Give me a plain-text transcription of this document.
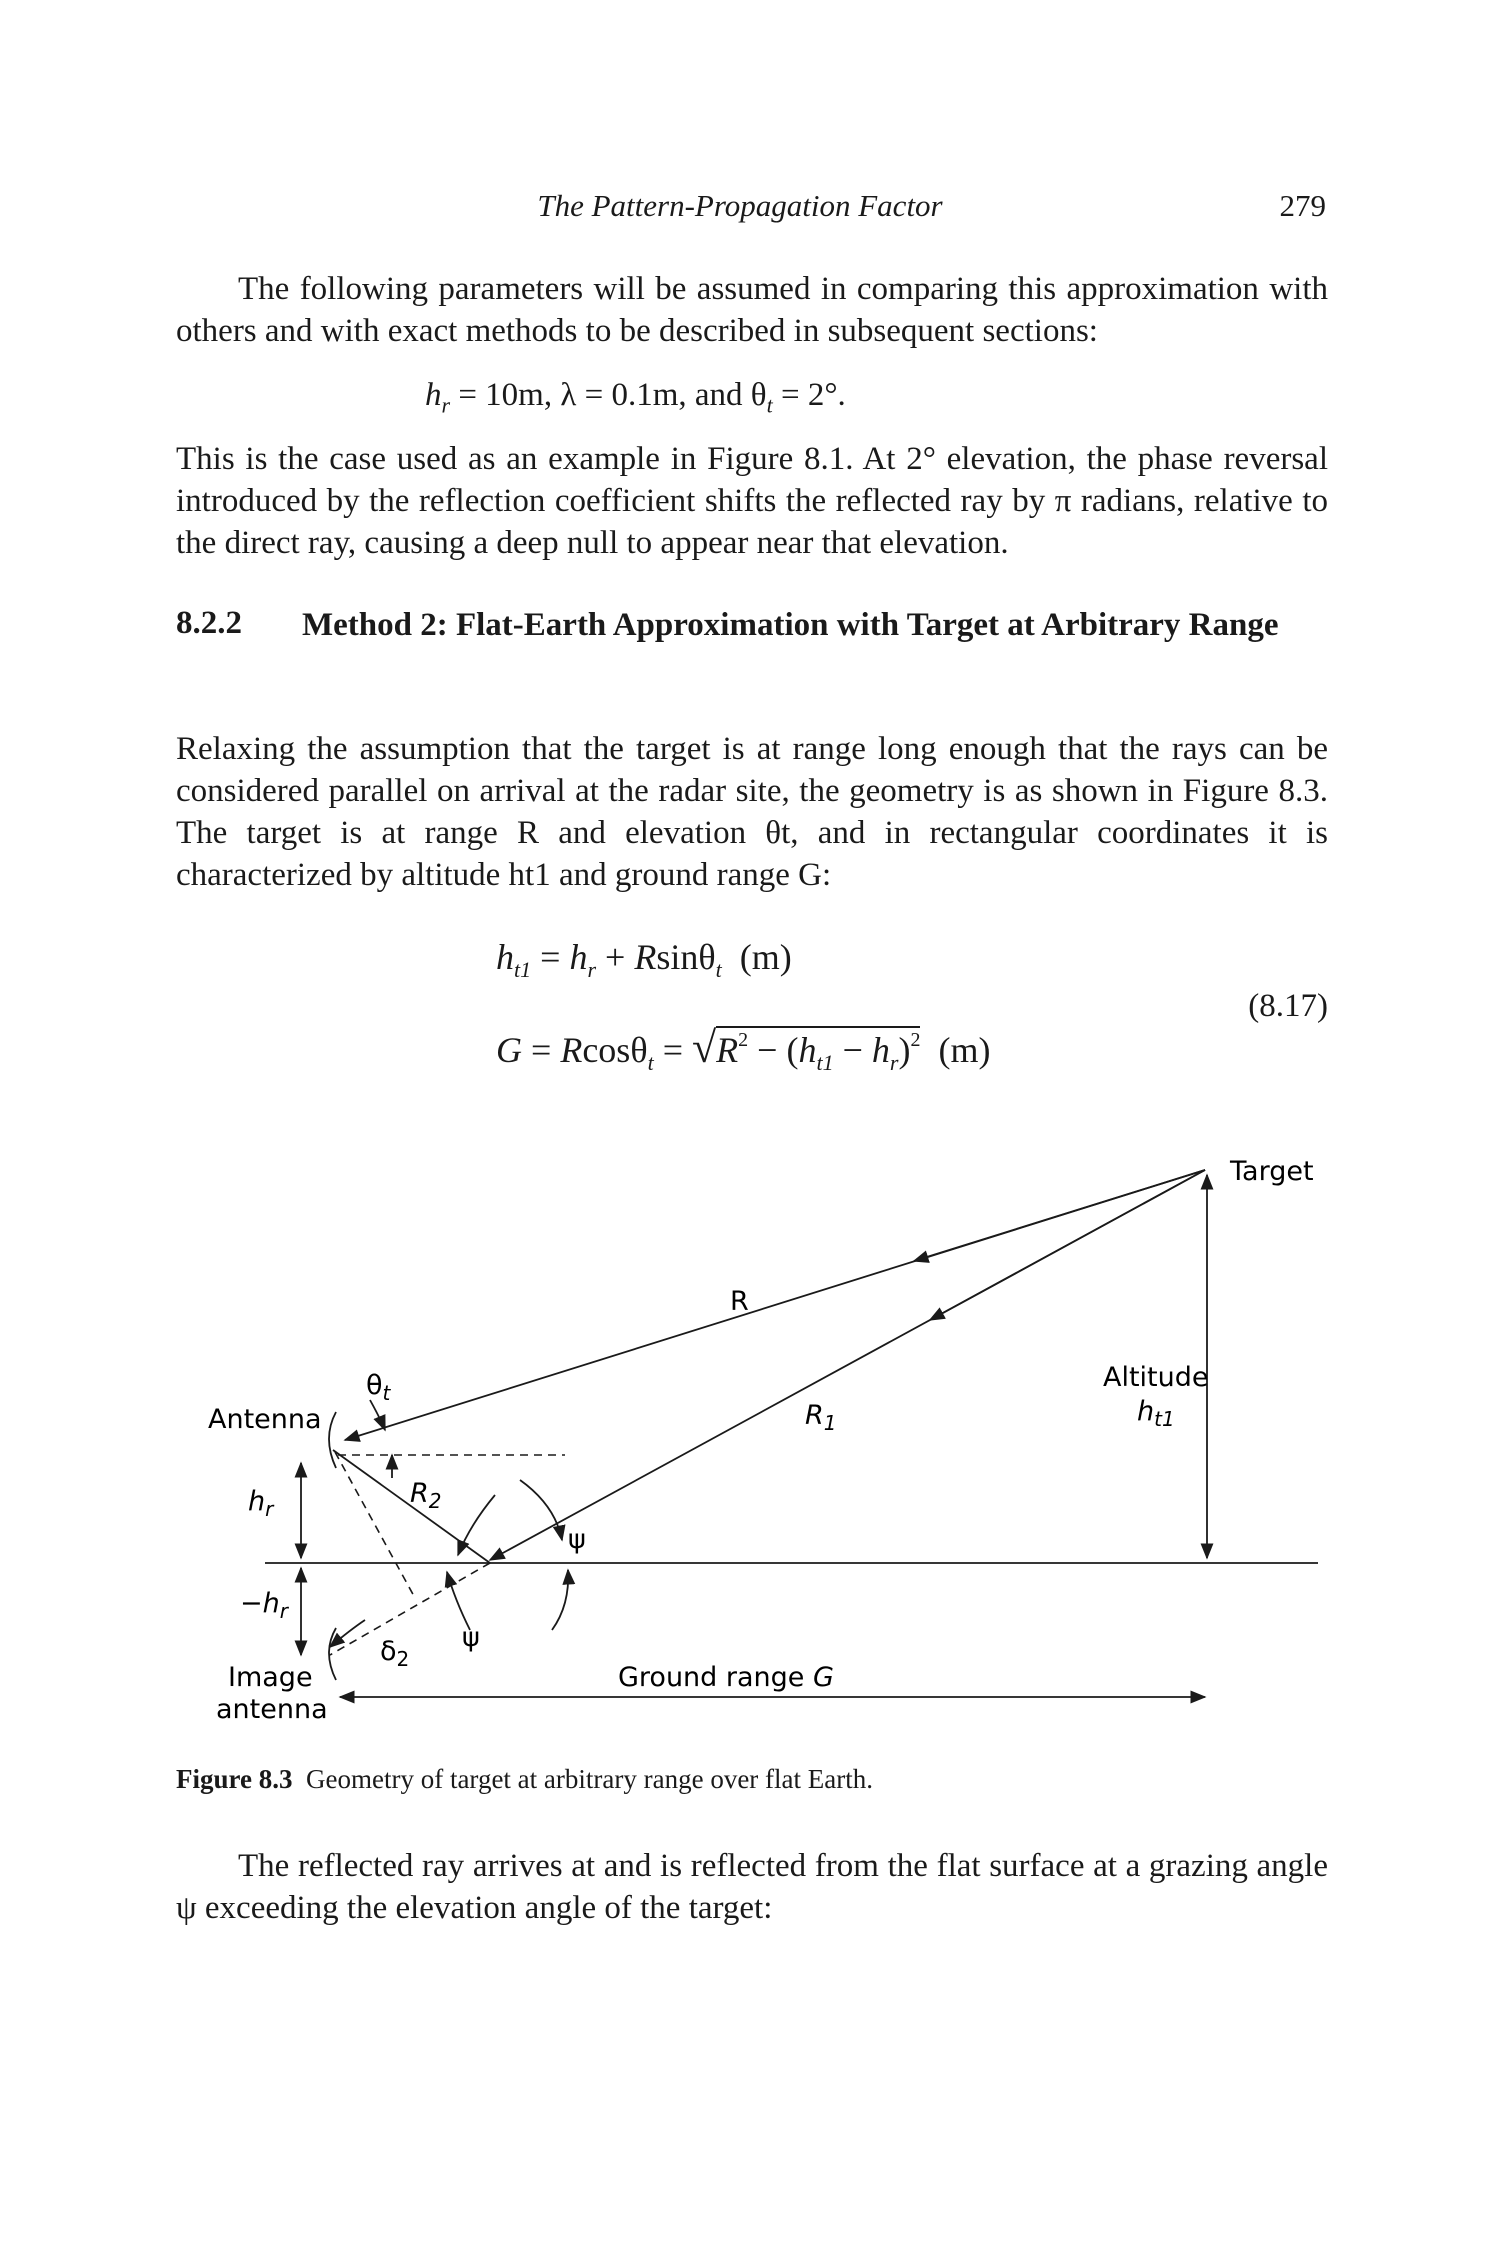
The Pattern-Propagation Factor	279
The following parameters will be assumed in comparing this approximation with others and with exact methods to be described in subsequent sections:
$h_r = 10m$, λ = 0.1m, and $\theta_t = 2^\circ$.
This is the case used as an example in Figure 8.1. At 2° elevation, the phase reversal introduced by the reflection coefficient shifts the reflected ray by π radians, relative to the direct ray, causing a deep null to appear near that elevation.
8.2.2 Method 2: Flat-Earth Approximation with Target at Arbitrary Range
Relaxing the assumption that the target is at range long enough that the rays can be considered parallel on arrival at the radar site, the geometry is as shown in Figure 8.3. The target is at range R and elevation θt, and in rectangular coordinates it is characterized by altitude ht1 and ground range G:
$h_{t1} = h_r + Rsin\theta_t$ (m)
$G = Rcos\theta_t = √R^2 - (h_{t1} - h_r)^2$ (m)
(8.17)
Target
R
$\theta_t$
Antenna	$R_1$
Altitude
$h_{t1}$
$h_r$	$R_2$
ψ
$-h_r$
$\delta_2$
ψ
Image
antenna
Ground range G
Figure 8.3 Geometry of target at arbitrary range over flat Earth.
The reflected ray arrives at and is reflected from the flat surface at a grazing angle ψ exceeding the elevation angle of the target:
